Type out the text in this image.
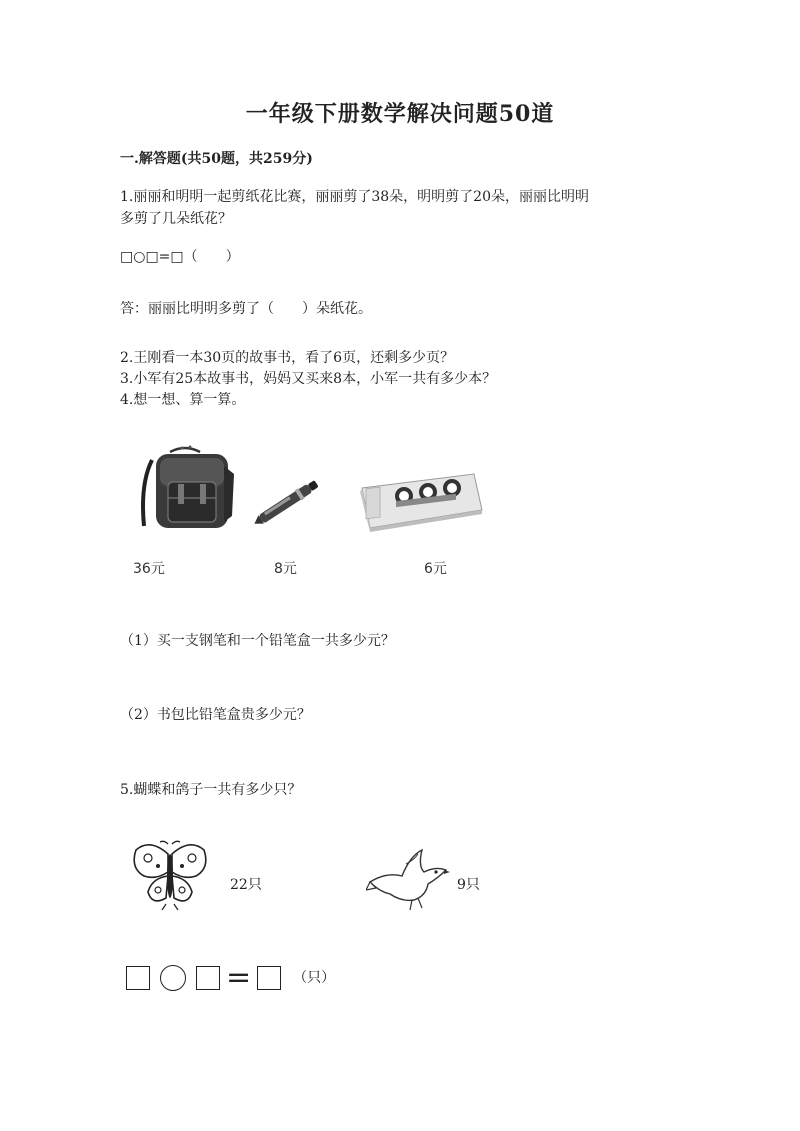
一年级下册数学解决问题50道
一.解答题(共50题，共259分)
1.丽丽和明明一起剪纸花比赛，丽丽剪了38朵，明明剪了20朵，丽丽比明明
多剪了几朵纸花？
□○□=□（　　）
答：丽丽比明明多剪了（　　）朵纸花。
2.王刚看一本30页的故事书，看了6页，还剩多少页？
3.小军有25本故事书，妈妈又买来8本，小军一共有多少本？
4.想一想、算一算。
36元	8元	6元
（1）买一支钢笔和一个铅笔盒一共多少元？
（2）书包比铅笔盒贵多少元？
5.蝴蝶和鸽子一共有多少只？
22只	9只
=	（只）
